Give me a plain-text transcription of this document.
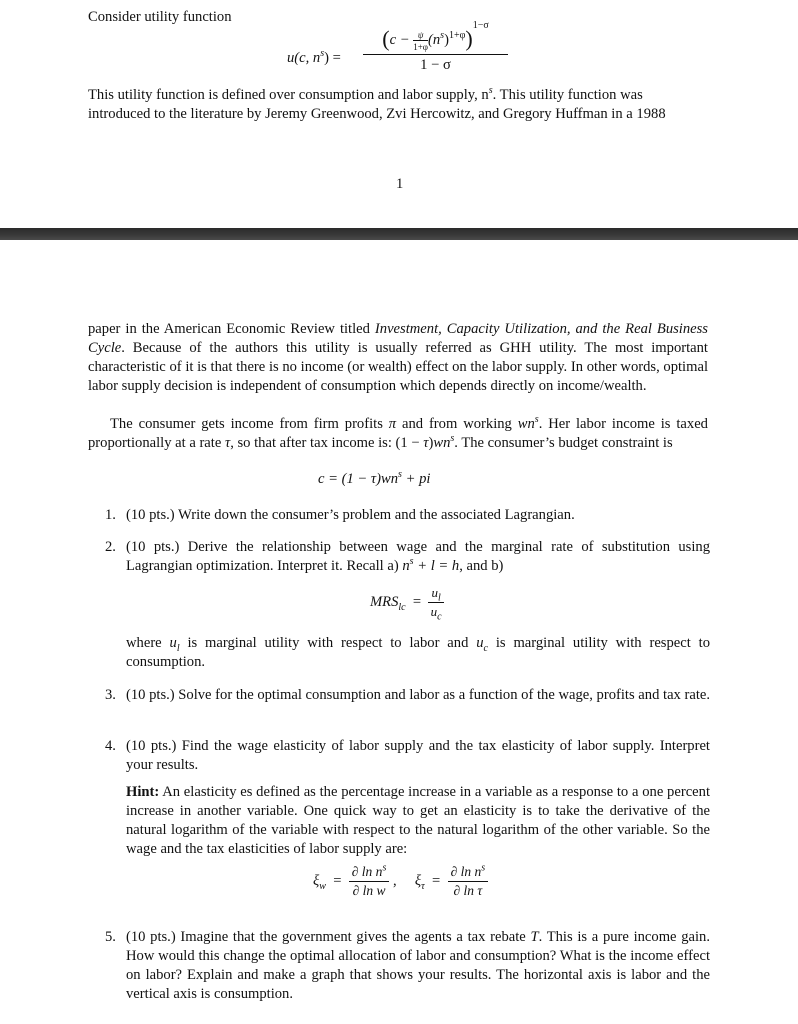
Consider utility function
u(c, $n^s) = \frac{(c - \frac{\psi}{1+\varphi} (n^s)^{1+\varphi})^{1-\sigma}}{1 - \sigma}$
This utility function is defined over consumption and labor supply, $n^s$. This utility function was
introduced to the literature by Jeremy Greenwood, Zvi Hercowitz, and Gregory Huffman in a 1988
1
paper in the American Economic Review titled Investment, Capacity Utilization, and the Real Business Cycle. Because of the authors this utility is usually referred as GHH utility. The most important characteristic of it is that there is no income (or wealth) effect on the labor supply. In other words, optimal labor supply decision is independent of consumption which depends directly on income/wealth.
The consumer gets income from firm profits π and from working $wn^s$. Her labor income is taxed proportionally at a rate τ, so that after tax income is: $(1 - \tau)wn^s$. The consumer’s budget constraint is
$c = (1 - \tau)wn^s$ + pi
1. (10 pts.) Write down the consumer’s problem and the associated Lagrangian.
2. (10 pts.) Derive the relationship between wage and the marginal rate of substitution using Lagrangian optimization. Interpret it. Recall a) $n^s + l = h$, and b)
$MRS_{lc} = \frac{u_l}{u_c}$
where $u_l$ is marginal utility with respect to labor and $u_c$ is marginal utility with respect to consumption.
3. (10 pts.) Solve for the optimal consumption and labor as a function of the wage, profits and tax rate.
4. (10 pts.) Find the wage elasticity of labor supply and the tax elasticity of labor supply. Interpret your results.
Hint: An elasticity es defined as the percentage increase in a variable as a response to a one percent increase in another variable. One quick way to get an elasticity is to take the derivative of the natural logarithm of the variable with respect to the natural logarithm of the other variable. So the wage and the tax elasticities of labor supply are:
$\xi_w = \frac{\partial \ln n^s}{\text{∂ ln w}}$ ,     $\xi_\tau = \frac{\partial \ln n^s}{\text{∂ ln τ}}$
5. (10 pts.) Imagine that the government gives the agents a tax rebate T. This is a pure income gain. How would this change the optimal allocation of labor and consumption? What is the income effect on labor? Explain and make a graph that shows your results. The horizontal axis is labor and the vertical axis is consumption.
